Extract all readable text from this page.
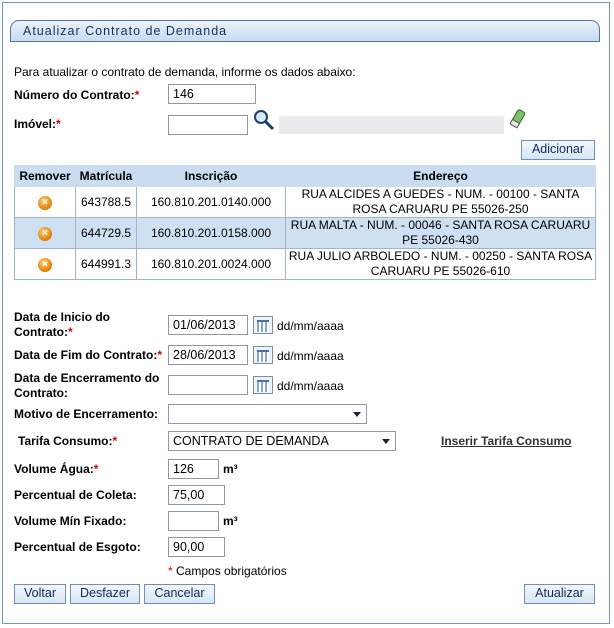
Atualizar Contrato de Demanda
Para atualizar o contrato de demanda, informe os dados abaixo:
Número do Contrato:*	146
Imóvel:*
Adicionar
Remover	Matrícula	Inscrição	Endereço
×	643788.5	160.810.201.0140.000	RUA ALCIDES A GUEDES - NUM. - 00100 - SANTA ROSA CARUARU PE 55026-250
×	644729.5	160.810.201.0158.000	RUA MALTA - NUM. - 00046 - SANTA ROSA CARUARU PE 55026-430
×	644991.3	160.810.201.0024.000	RUA JULIO ARBOLEDO - NUM. - 00250 - SANTA ROSA CARUARU PE 55026-610
Data de Inicio do
Contrato:*	01/06/2013	dd/mm/aaaa
Data de Fim do Contrato:* 28/06/2013	dd/mm/aaaa
Data de Encerramento do
Contrato:	dd/mm/aaaa
Motivo de Encerramento:
Tarifa Consumo:*	CONTRATO DE DEMANDA	Inserir Tarifa Consumo
Volume Água:*	126	m³
Percentual de Coleta:	75,00
Volume Mín Fixado:	m³
Percentual de Esgoto:	90,00
* Campos obrigatórios
Voltar	Desfazer	Cancelar	Atualizar
